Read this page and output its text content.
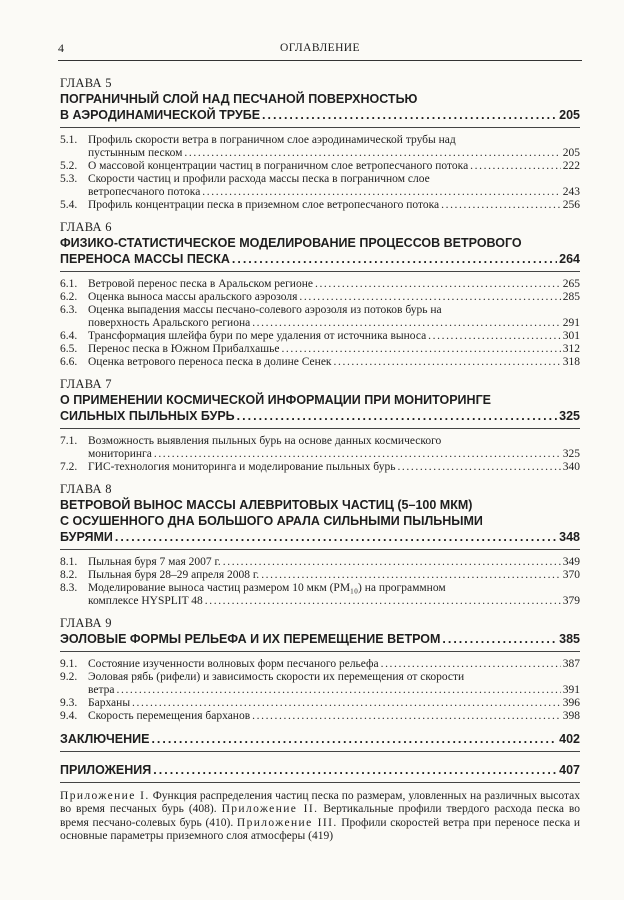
4	ОГЛАВЛЕНИЕ
ГЛАВА 5
ПОГРАНИЧНЫЙ СЛОЙ НАД ПЕСЧАНОЙ ПОВЕРХНОСТЬЮ
В АЭРОДИНАМИЧЕСКОЙ ТРУБЕ .....	205
5.1. Профиль скорости ветра в пограничном слое аэродинамической трубы над
пустынным песком .....	205
5.2. О массовой концентрации частиц в пограничном слое ветропесчаного потока .....	222
5.3. Скорости частиц и профили расхода массы песка в пограничном слое
ветропесчаного потока .....	243
5.4. Профиль концентрации песка в приземном слое ветропесчаного потока .....	256
ГЛАВА 6
ФИЗИКО-СТАТИСТИЧЕСКОЕ МОДЕЛИРОВАНИЕ ПРОЦЕССОВ ВЕТРОВОГО
ПЕРЕНОСА МАССЫ ПЕСКА .....	264
6.1. Ветровой перенос песка в Аральском регионе .....	265
6.2. Оценка выноса массы аральского аэрозоля .....	285
6.3. Оценка выпадения массы песчано-солевого аэрозоля из потоков бурь на
поверхность Аральского региона .....	291
6.4. Трансформация шлейфа бури по мере удаления от источника выноса .....	301
6.5. Перенос песка в Южном Прибалхашье .....	312
6.6. Оценка ветрового переноса песка в долине Сенек .....	318
ГЛАВА 7
О ПРИМЕНЕНИИ КОСМИЧЕСКОЙ ИНФОРМАЦИИ ПРИ МОНИТОРИНГЕ
СИЛЬНЫХ ПЫЛЬНЫХ БУРЬ .....	325
7.1. Возможность выявления пыльных бурь на основе данных космического
мониторинга .....	325
7.2. ГИС-технология мониторинга и моделирование пыльных бурь .....	340
ГЛАВА 8
ВЕТРОВОЙ ВЫНОС МАССЫ АЛЕВРИТОВЫХ ЧАСТИЦ (5–100 МКМ)
С ОСУШЕННОГО ДНА БОЛЬШОГО АРАЛА СИЛЬНЫМИ ПЫЛЬНЫМИ
БУРЯМИ .....	348
8.1. Пыльная буря 7 мая 2007 г. .....	349
8.2. Пыльная буря 28–29 апреля 2008 г. .....	370
8.3. Моделирование выноса частиц размером 10 мкм (PM₁₀) на программном
комплексе HYSPLIT 48 .....	379
ГЛАВА 9
ЭОЛОВЫЕ ФОРМЫ РЕЛЬЕФА И ИХ ПЕРЕМЕЩЕНИЕ ВЕТРОМ .....	385
9.1. Состояние изученности волновых форм песчаного рельефа .....	387
9.2. Эоловая рябь (рифели) и зависимость скорости их перемещения от скорости
ветра .....	391
9.3. Барханы .....	396
9.4. Скорость перемещения барханов .....	398
ЗАКЛЮЧЕНИЕ .....	402
ПРИЛОЖЕНИЯ .....	407
Приложение I. Функция распределения частиц песка по размерам, уловленных на различных высотах во время песчаных бурь (408). Приложение II. Вертикальные профили твердого расхода песка во время песчано-солевых бурь (410). Приложение III. Профили скоростей ветра при переносе песка и основные параметры приземного слоя атмосферы (419)
